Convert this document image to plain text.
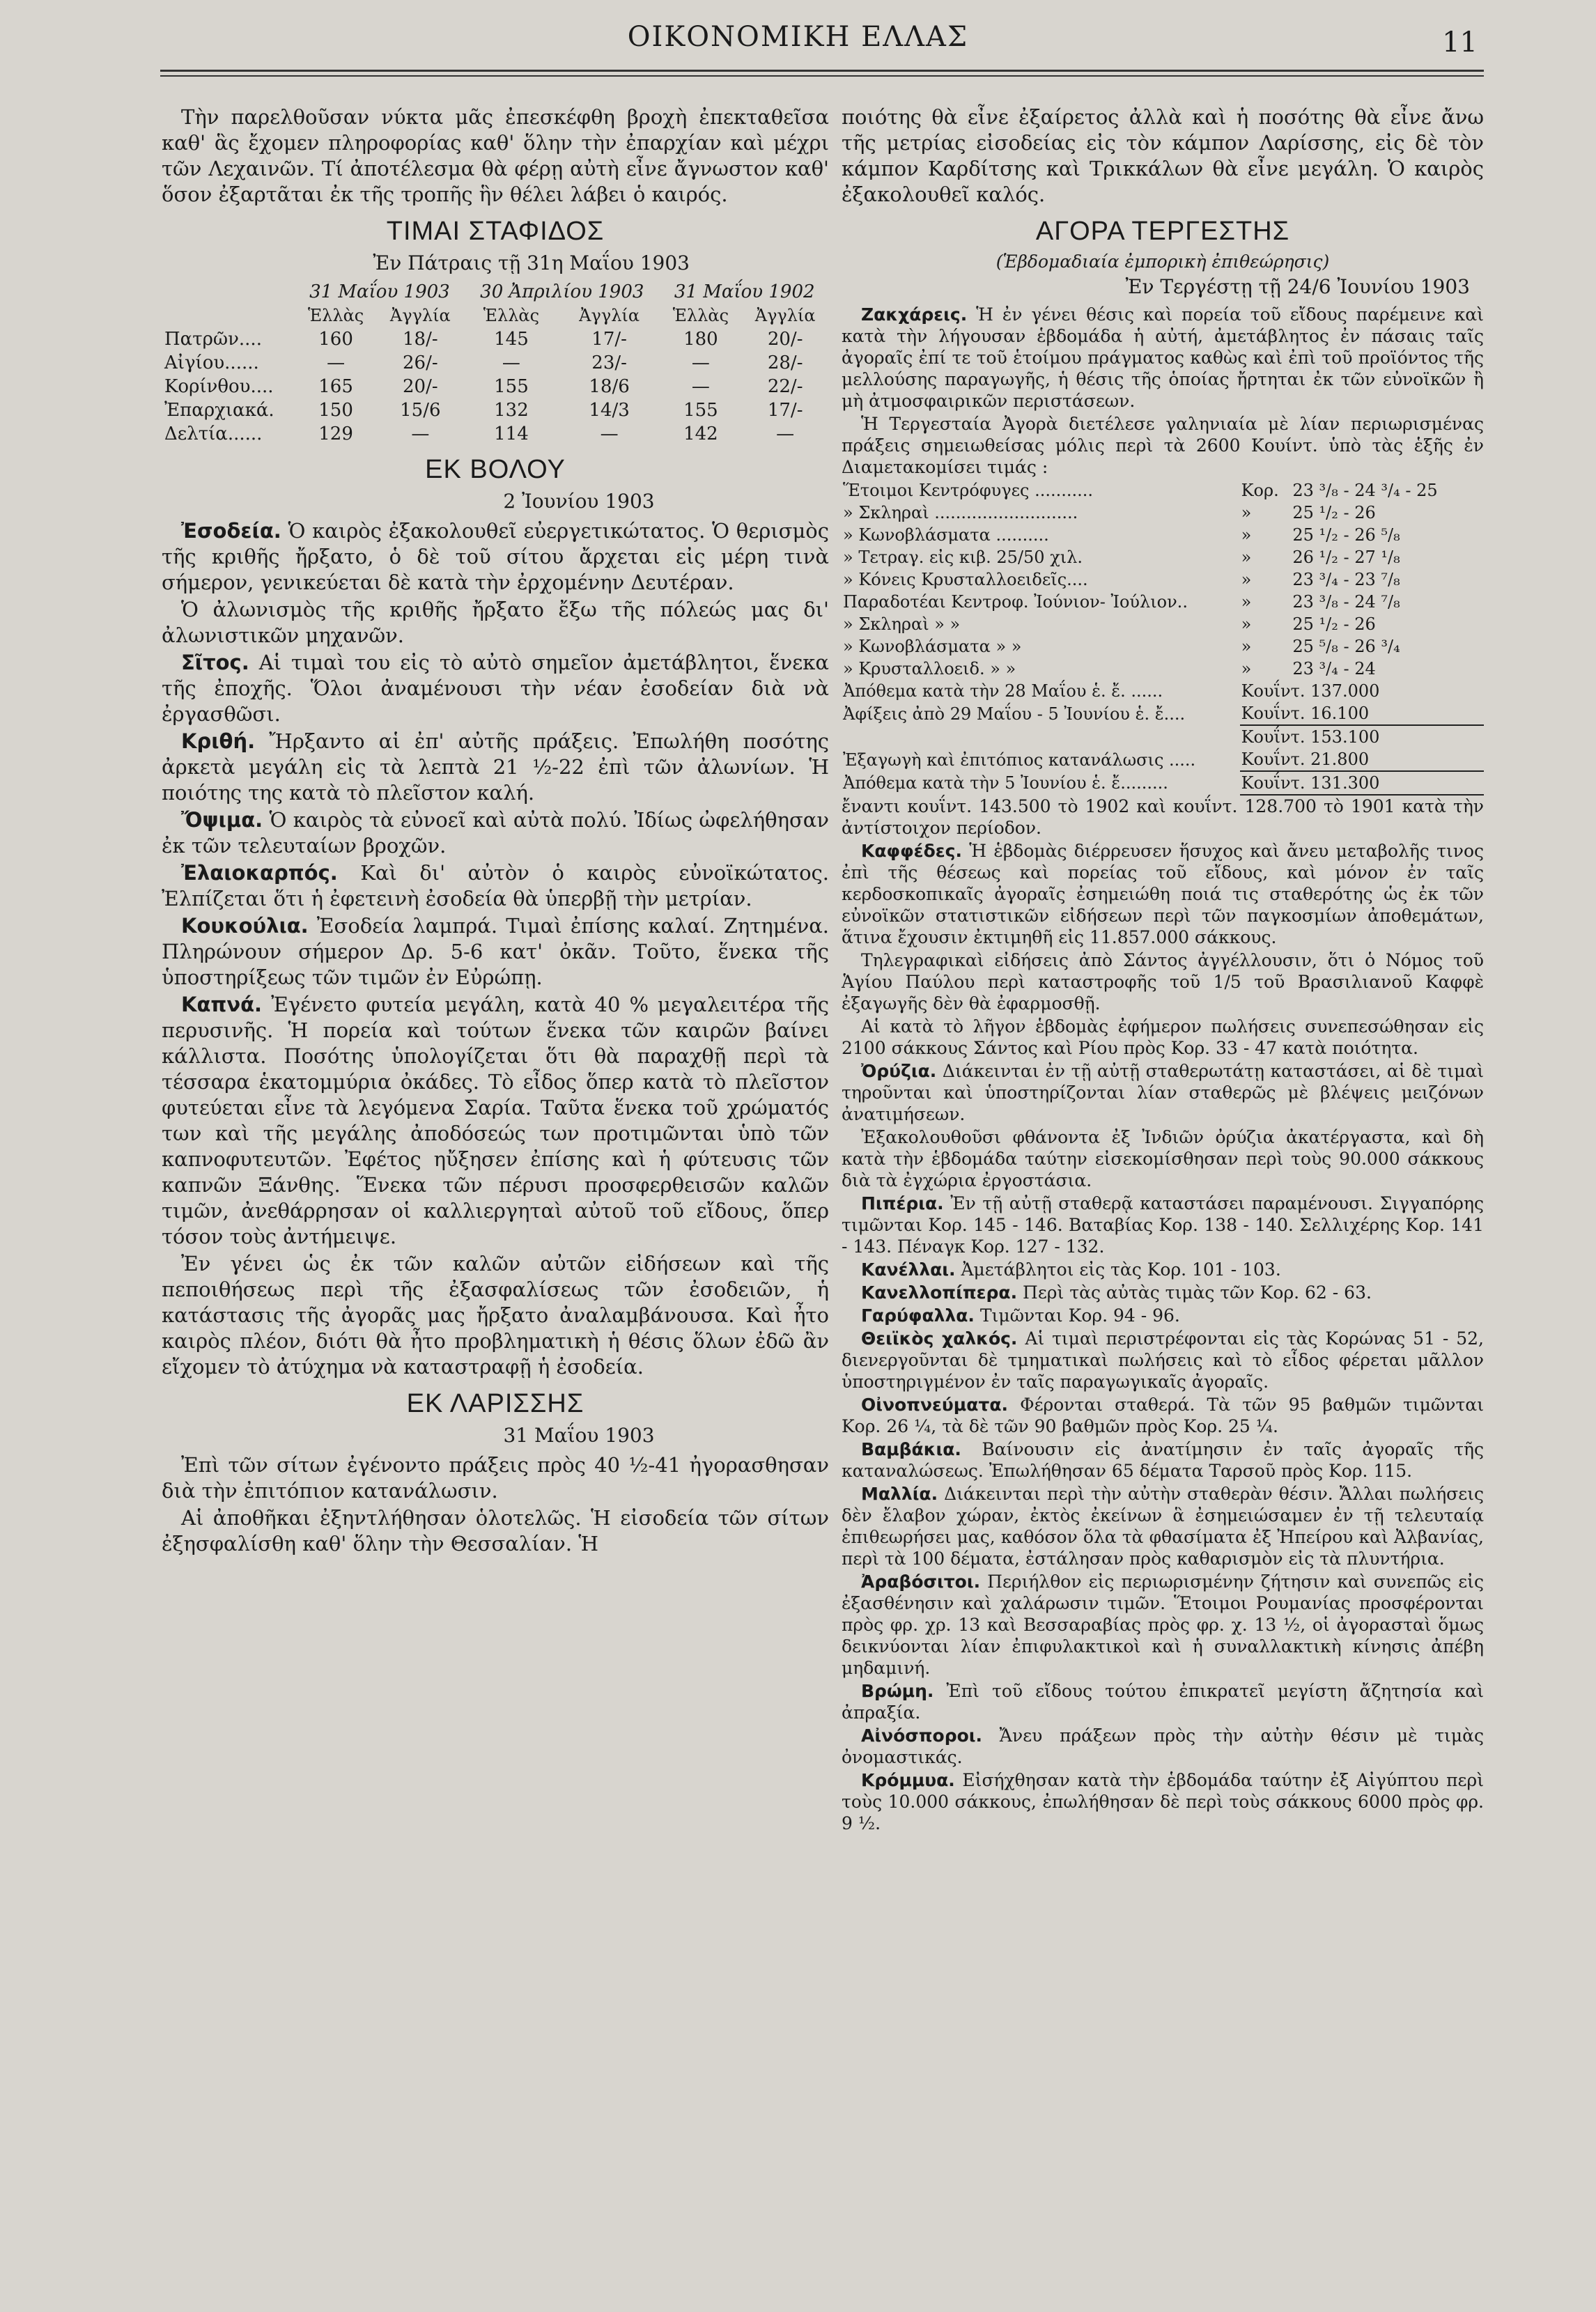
ΟΙΚΟΝΟΜΙΚΗ ΕΛΛΑΣ	11

Τὴν παρελθοῦσαν νύκτα μᾶς ἐπεσκέφθη βροχὴ ἐπεκταθεῖσα καθ' ἃς ἔχομεν πληροφορίας καθ' ὅλην τὴν ἐπαρχίαν καὶ μέχρι τῶν Λεχαινῶν. Τί ἀποτέλεσμα θὰ φέρῃ αὐτὴ εἶνε ἄγνωστον καθ' ὅσον ἐξαρτᾶται ἐκ τῆς τροπῆς ἣν θέλει λάβει ὁ καιρός.

ΤΙΜΑΙ ΣΤΑΦΙΔΟΣ
Ἐν Πάτραις τῇ 31η Μαΐου 1903
	31 Μαΐου 1903		30 Ἀπριλίου 1903		31 Μαΐου 1902	
	Ἑλλὰς	Ἀγγλία	Ἑλλὰς	Ἀγγλία	Ἑλλὰς	Ἀγγλία
Πατρῶν....	160	18/-	145	17/-	180	20/-
Αἰγίου......	—	26/-	—	23/-	—	28/-
Κορίνθου....	165	20/-	155	18/6	—	22/-
Ἐπαρχιακά.	150	15/6	132	14/3	155	17/-
Δελτία......	129	—	114	—	142	—
ΕΚ ΒΟΛΟΥ
2 Ἰουνίου 1903

Ἐσοδεία. Ὁ καιρὸς ἐξακολουθεῖ εὐεργετικώτατος. Ὁ θερισμὸς τῆς κριθῆς ἤρξατο, ὁ δὲ τοῦ σίτου ἄρχεται εἰς μέρη τινὰ σήμερον, γενικεύεται δὲ κατὰ τὴν ἐρχομένην Δευτέραν.

Ὁ ἀλωνισμὸς τῆς κριθῆς ἤρξατο ἔξω τῆς πόλεώς μας δι' ἀλωνιστικῶν μηχανῶν.

Σῖτος. Αἱ τιμαὶ του εἰς τὸ αὐτὸ σημεῖον ἀμετάβλητοι, ἕνεκα τῆς ἐποχῆς. Ὅλοι ἀναμένουσι τὴν νέαν ἐσοδείαν διὰ νὰ ἐργασθῶσι.

Κριθή. Ἤρξαντο αἱ ἐπ' αὐτῆς πράξεις. Ἐπωλήθη ποσότης ἀρκετὰ μεγάλη εἰς τὰ λεπτὰ 21 ½-22 ἐπὶ τῶν ἀλωνίων. Ἡ ποιότης της κατὰ τὸ πλεῖστον καλή.

Ὄψιμα. Ὁ καιρὸς τὰ εὐνοεῖ καὶ αὐτὰ πολύ. Ἰδίως ὠφελήθησαν ἐκ τῶν τελευταίων βροχῶν.

Ἐλαιοκαρπός. Καὶ δι' αὐτὸν ὁ καιρὸς εὐνοϊκώτατος. Ἐλπίζεται ὅτι ἡ ἐφετεινὴ ἐσοδεία θὰ ὑπερβῇ τὴν μετρίαν.

Κουκούλια. Ἐσοδεία λαμπρά. Τιμαὶ ἐπίσης καλαί. Ζητημένα. Πληρώνουν σήμερον Δρ. 5-6 κατ' ὀκᾶν. Τοῦτο, ἕνεκα τῆς ὑποστηρίξεως τῶν τιμῶν ἐν Εὐρώπῃ.

Καπνά. Ἐγένετο φυτεία μεγάλη, κατὰ 40 % μεγαλειτέρα τῆς περυσινῆς. Ἡ πορεία καὶ τούτων ἕνεκα τῶν καιρῶν βαίνει κάλλιστα. Ποσότης ὑπολογίζεται ὅτι θὰ παραχθῇ περὶ τὰ τέσσαρα ἑκατομμύρια ὀκάδες. Τὸ εἶδος ὅπερ κατὰ τὸ πλεῖστον φυτεύεται εἶνε τὰ λεγόμενα Σαρία. Ταῦτα ἕνεκα τοῦ χρώματός των καὶ τῆς μεγάλης ἀποδόσεώς των προτιμῶνται ὑπὸ τῶν καπνοφυτευτῶν. Ἐφέτος ηὔξησεν ἐπίσης καὶ ἡ φύτευσις τῶν καπνῶν Ξάνθης. Ἕνεκα τῶν πέρυσι προσφερθεισῶν καλῶν τιμῶν, ἀνεθάρρησαν οἱ καλλιεργηταὶ αὐτοῦ τοῦ εἴδους, ὅπερ τόσον τοὺς ἀντήμειψε.

Ἐν γένει ὡς ἐκ τῶν καλῶν αὐτῶν εἰδήσεων καὶ τῆς πεποιθήσεως περὶ τῆς ἐξασφαλίσεως τῶν ἐσοδειῶν, ἡ κατάστασις τῆς ἀγορᾶς μας ἤρξατο ἀναλαμβάνουσα. Καὶ ἦτο καιρὸς πλέον, διότι θὰ ἦτο προβληματικὴ ἡ θέσις ὅλων ἐδῶ ἂν εἴχομεν τὸ ἀτύχημα νὰ καταστραφῇ ἡ ἐσοδεία.

ΕΚ ΛΑΡΙΣΣΗΣ
31 Μαΐου 1903

Ἐπὶ τῶν σίτων ἐγένοντο πράξεις πρὸς 40 ½-41 ἠγορασθησαν διὰ τὴν ἐπιτόπιον κατανάλωσιν.

Αἱ ἀποθῆκαι ἐξηντλήθησαν ὁλοτελῶς. Ἡ εἰσοδεία τῶν σίτων ἐξησφαλίσθη καθ' ὅλην τὴν Θεσσαλίαν. Ἡ

ποιότης θὰ εἶνε ἐξαίρετος ἀλλὰ καὶ ἡ ποσότης θὰ εἶνε ἄνω τῆς μετρίας εἰσοδείας εἰς τὸν κάμπον Λαρίσσης, εἰς δὲ τὸν κάμπον Καρδίτσης καὶ Τρικκάλων θὰ εἶνε μεγάλη. Ὁ καιρὸς ἐξακολουθεῖ καλός.

ΑΓΟΡΑ ΤΕΡΓΕΣΤΗΣ
(Ἑβδομαδιαία ἐμπορικὴ ἐπιθεώρησις)
Ἐν Τεργέστῃ τῇ 24/6 Ἰουνίου 1903

Ζακχάρεις. Ἡ ἐν γένει θέσις καὶ πορεία τοῦ εἴδους παρέμεινε καὶ κατὰ τὴν λήγουσαν ἑβδομάδα ἡ αὐτή, ἀμετάβλητος ἐν πάσαις ταῖς ἀγοραῖς ἐπί τε τοῦ ἑτοίμου πράγματος καθὼς καὶ ἐπὶ τοῦ προϊόντος τῆς μελλούσης παραγωγῆς, ἡ θέσις τῆς ὁποίας ἤρτηται ἐκ τῶν εὐνοϊκῶν ἢ μὴ ἀτμοσφαιρικῶν περιστάσεων.

Ἡ Τεργεσταία Ἀγορὰ διετέλεσε γαληνιαία μὲ λίαν περιωρισμένας πράξεις σημειωθείσας μόλις περὶ τὰ 2600 Κουίντ. ὑπὸ τὰς ἑξῆς ἐν Διαμετακομίσει τιμάς :

Ἕτοιμοι Κεντρόφυγες ...........	Κορ.	23 ³/₈ - 24 ³/₄ - 25
» Σκληραὶ ...........................	»	25 ¹/₂ - 26
» Κωνοβλάσματα ..........	»	25 ¹/₂ - 26 ⁵/₈
» Τετραγ. εἰς κιβ. 25/50 χιλ.	»	26 ¹/₂ - 27 ¹/₈
» Κόνεις Κρυσταλλοειδεῖς....	»	23 ³/₄ - 23 ⁷/₈
Παραδοτέαι Κεντροφ. Ἰούνιον- Ἰούλιον..	»	23 ³/₈ - 24 ⁷/₈
» Σκληραὶ » »	»	25 ¹/₂ - 26
» Κωνοβλάσματα » »	»	25 ⁵/₈ - 26 ³/₄
» Κρυσταλλοειδ. » »	»	23 ³/₄ - 24
Ἀπόθεμα κατὰ τὴν 28 Μαΐου ἑ. ἔ. ......	Κουΐντ. 137.000
Ἀφίξεις ἀπὸ 29 Μαΐου - 5 Ἰουνίου ἑ. ἔ....	Κουΐντ. 16.100
	Κουΐντ. 153.100
Ἐξαγωγὴ καὶ ἐπιτόπιος κατανάλωσις .....	Κουΐντ. 21.800
Ἀπόθεμα κατὰ τὴν 5 Ἰουνίου ἑ. ἔ.........	Κουΐντ. 131.300

ἔναντι κουΐντ. 143.500 τὸ 1902 καὶ κουΐντ. 128.700 τὸ 1901 κατὰ τὴν ἀντίστοιχον περίοδον.

Καφφέδες. Ἡ ἑβδομὰς διέρρευσεν ἥσυχος καὶ ἄνευ μεταβολῆς τινος ἐπὶ τῆς θέσεως καὶ πορείας τοῦ εἴδους, καὶ μόνον ἐν ταῖς κερδοσκοπικαῖς ἀγοραῖς ἐσημειώθη ποιά τις σταθερότης ὡς ἐκ τῶν εὐνοϊκῶν στατιστικῶν εἰδήσεων περὶ τῶν παγκοσμίων ἀποθεμάτων, ἅτινα ἔχουσιν ἐκτιμηθῆ εἰς 11.857.000 σάκκους.

Τηλεγραφικαὶ εἰδήσεις ἀπὸ Σάντος ἀγγέλλουσιν, ὅτι ὁ Νόμος τοῦ Ἁγίου Παύλου περὶ καταστροφῆς τοῦ 1/5 τοῦ Βρασιλιανοῦ Καφφὲ ἐξαγωγῆς δὲν θὰ ἐφαρμοσθῇ.

Αἱ κατὰ τὸ λῆγον ἑβδομὰς ἐφήμερον πωλήσεις συνεπεσώθησαν εἰς 2100 σάκκους Σάντος καὶ Ρίου πρὸς Κορ. 33 - 47 κατὰ ποιότητα.

Ὀρύζια. Διάκεινται ἐν τῇ αὐτῇ σταθερωτάτῃ καταστάσει, αἱ δὲ τιμαὶ τηροῦνται καὶ ὑποστηρίζονται λίαν σταθερῶς μὲ βλέψεις μειζόνων ἀνατιμήσεων.

Ἐξακολουθοῦσι φθάνοντα ἐξ Ἰνδιῶν ὀρύζια ἀκατέργαστα, καὶ δὴ κατὰ τὴν ἑβδομάδα ταύτην εἰσεκομίσθησαν περὶ τοὺς 90.000 σάκκους διὰ τὰ ἐγχώρια ἐργοστάσια.

Πιπέρια. Ἐν τῇ αὐτῇ σταθερᾷ καταστάσει παραμένουσι. Σιγγαπόρης τιμῶνται Κορ. 145 - 146. Βαταβίας Κορ. 138 - 140. Σελλιχέρης Κορ. 141 - 143. Πέναγκ Κορ. 127 - 132.

Κανέλλαι. Ἀμετάβλητοι εἰς τὰς Κορ. 101 - 103.

Κανελλοπίπερα. Περὶ τὰς αὐτὰς τιμὰς τῶν Κορ. 62 - 63.

Γαρύφαλλα. Τιμῶνται Κορ. 94 - 96.

Θειϊκὸς χαλκός. Αἱ τιμαὶ περιστρέφονται εἰς τὰς Κορώνας 51 - 52, διενεργοῦνται δὲ τμηματικαὶ πωλήσεις καὶ τὸ εἶδος φέρεται μᾶλλον ὑποστηριγμένον ἐν ταῖς παραγωγικαῖς ἀγοραῖς.

Οἰνοπνεύματα. Φέρονται σταθερά. Τὰ τῶν 95 βαθμῶν τιμῶνται Κορ. 26 ¼, τὰ δὲ τῶν 90 βαθμῶν πρὸς Κορ. 25 ¼.

Βαμβάκια. Βαίνουσιν εἰς ἀνατίμησιν ἐν ταῖς ἀγοραῖς τῆς καταναλώσεως. Ἐπωλήθησαν 65 δέματα Ταρσοῦ πρὸς Κορ. 115.

Μαλλία. Διάκεινται περὶ τὴν αὐτὴν σταθερὰν θέσιν. Ἄλλαι πωλήσεις δὲν ἔλαβον χώραν, ἐκτὸς ἐκείνων ἃ ἐσημειώσαμεν ἐν τῇ τελευταίᾳ ἐπιθεωρήσει μας, καθόσον ὅλα τὰ φθασίματα ἐξ Ἠπείρου καὶ Ἀλβανίας, περὶ τὰ 100 δέματα, ἐστάλησαν πρὸς καθαρισμὸν εἰς τὰ πλυντήρια.

Ἀραβόσιτοι. Περιήλθον εἰς περιωρισμένην ζήτησιν καὶ συνεπῶς εἰς ἐξασθένησιν καὶ χαλάρωσιν τιμῶν. Ἕτοιμοι Ρουμανίας προσφέρονται πρὸς φρ. χρ. 13 καὶ Βεσσαραβίας πρὸς φρ. χ. 13 ½, οἱ ἀγορασταὶ ὅμως δεικνύονται λίαν ἐπιφυλακτικοὶ καὶ ἡ συναλλακτικὴ κίνησις ἀπέβη μηδαμινή.

Βρώμη. Ἐπὶ τοῦ εἴδους τούτου ἐπικρατεῖ μεγίστη ἄζητησία καὶ ἀπραξία.

Αἰνόσποροι. Ἄνευ πράξεων πρὸς τὴν αὐτὴν θέσιν μὲ τιμὰς ὀνομαστικάς.

Κρόμμυα. Εἰσήχθησαν κατὰ τὴν ἑβδομάδα ταύτην ἐξ Αἰγύπτου περὶ τοὺς 10.000 σάκκους, ἐπωλήθησαν δὲ περὶ τοὺς σάκκους 6000 πρὸς φρ. 9 ½.
